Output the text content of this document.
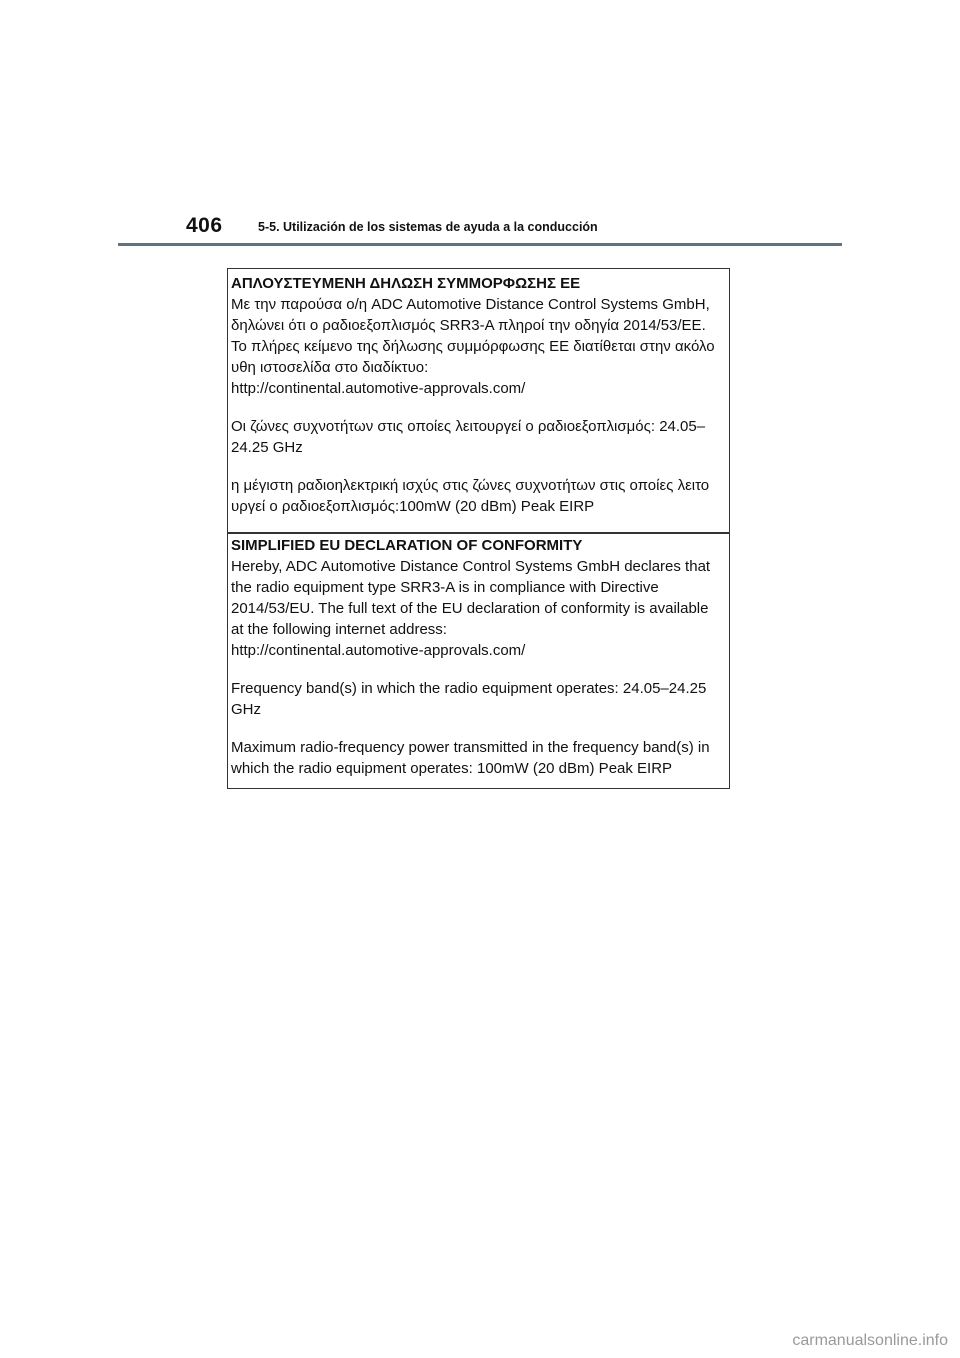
406	5-5. Utilización de los sistemas de ayuda a la conducción
ΑΠΛΟΥΣΤΕΥΜΕΝΗ ΔΗΛΩΣΗ ΣΥΜΜΟΡΦΩΣΗΣ ΕΕ
Με την παρούσα ο/η ADC Automotive Distance Control Systems GmbH,
δηλώνει ότι ο ραδιοεξοπλισμός SRR3-A πληροί την οδηγία 2014/53/ΕΕ.
Το πλήρες κείμενο της δήλωσης συμμόρφωσης ΕΕ διατίθεται στην ακόλο
υθη ιστοσελίδα στο διαδίκτυο:
http://continental.automotive-approvals.com/
Οι ζώνες συχνοτήτων στις οποίες λειτουργεί ο ραδιοεξοπλισμός: 24.05–
24.25 GHz
η μέγιστη ραδιοηλεκτρική ισχύς στις ζώνες συχνοτήτων στις οποίες λειτο
υργεί ο ραδιοεξοπλισμός:100mW (20 dBm) Peak EIRP
SIMPLIFIED EU DECLARATION OF CONFORMITY
Hereby, ADC Automotive Distance Control Systems GmbH declares that
the radio equipment type SRR3-A is in compliance with Directive
2014/53/EU. The full text of the EU declaration of conformity is available
at the following internet address:
http://continental.automotive-approvals.com/
Frequency band(s) in which the radio equipment operates: 24.05–24.25
GHz
Maximum radio-frequency power transmitted in the frequency band(s) in
which the radio equipment operates: 100mW (20 dBm) Peak EIRP
carmanualsonline.info
